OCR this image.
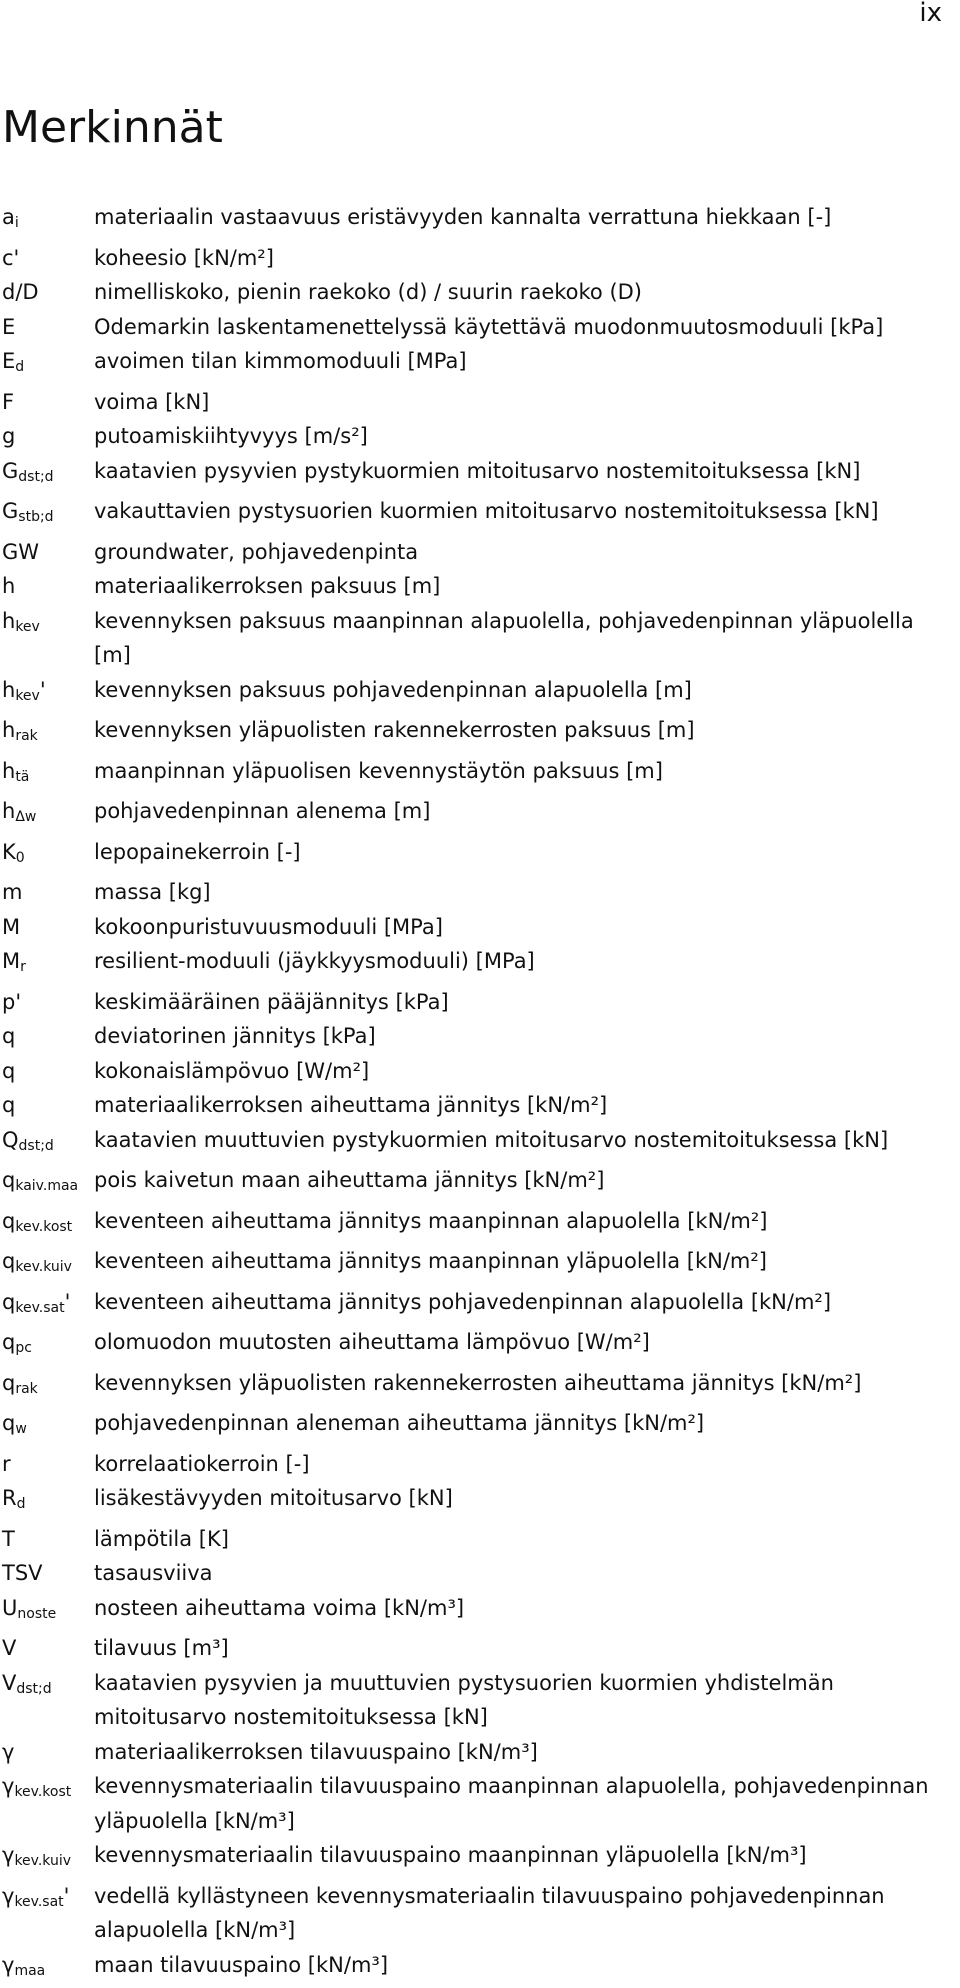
ix
Merkinnät
$a_i$	materiaalin vastaavuus eristävyyden kannalta verrattuna hiekkaan [-]
c'	koheesio [kN/m²]
d/D	nimelliskoko, pienin raekoko (d) / suurin raekoko (D)
E	Odemarkin laskentamenettelyssä käytettävä muodonmuutosmoduuli [kPa]
$E_d$	avoimen tilan kimmomoduuli [MPa]
F	voima [kN]
g	putoamiskiihtyvyys [m/s²]
$G_{dst;d}$	kaatavien pysyvien pystykuormien mitoitusarvo nostemitoituksessa [kN]
$G_{stb;d}$	vakauttavien pystysuorien kuormien mitoitusarvo nostemitoituksessa [kN]
GW	groundwater, pohjavedenpinta
h	materiaalikerroksen paksuus [m]
$h_{kev}$	kevennyksen paksuus maanpinnan alapuolella, pohjavedenpinnan yläpuolella [m]
$h_{kev}'$	kevennyksen paksuus pohjavedenpinnan alapuolella [m]
$h_{rak}$	kevennyksen yläpuolisten rakennekerrosten paksuus [m]
$h_{tä}$	maanpinnan yläpuolisen kevennystäytön paksuus [m]
$h_{\Delta w}$	pohjavedenpinnan alenema [m]
$K_0$	lepopainekerroin [-]
m	massa [kg]
M	kokoonpuristuvuusmoduuli [MPa]
$M_r$	resilient-moduuli (jäykkyysmoduuli) [MPa]
p'	keskimääräinen pääjännitys [kPa]
q	deviatorinen jännitys [kPa]
q	kokonaislämpövuo [W/m²]
q	materiaalikerroksen aiheuttama jännitys [kN/m²]
$Q_{dst;d}$	kaatavien muuttuvien pystykuormien mitoitusarvo nostemitoituksessa [kN]
$q_{kaiv.maa}$ pois kaivetun maan aiheuttama jännitys [kN/m²]
$q_{kev.kost}$	keventeen aiheuttama jännitys maanpinnan alapuolella [kN/m²]
$q_{kev.kuiv}$	keventeen aiheuttama jännitys maanpinnan yläpuolella [kN/m²]
$q_{kev.sat}'$	keventeen aiheuttama jännitys pohjavedenpinnan alapuolella [kN/m²]
$q_{pc}$	olomuodon muutosten aiheuttama lämpövuo [W/m²]
$q_{rak}$	kevennyksen yläpuolisten rakennekerrosten aiheuttama jännitys [kN/m²]
$q_w$	pohjavedenpinnan aleneman aiheuttama jännitys [kN/m²]
r	korrelaatiokerroin [-]
$R_d$	lisäkestävyyden mitoitusarvo [kN]
T	lämpötila [K]
TSV	tasausviiva
$U_{noste}$	nosteen aiheuttama voima [kN/m³]
V	tilavuus [m³]
$V_{dst;d}$	kaatavien pysyvien ja muuttuvien pystysuorien kuormien yhdistelmän mitoitusarvo nostemitoituksessa [kN]
γ	materiaalikerroksen tilavuuspaino [kN/m³]
$\gamma_{kev.kost}$	kevennysmateriaalin tilavuuspaino maanpinnan alapuolella, pohjavedenpinnan yläpuolella [kN/m³]
$\gamma_{kev.kuiv}$	kevennysmateriaalin tilavuuspaino maanpinnan yläpuolella [kN/m³]
$\gamma_{kev.sat}'$	vedellä kyllästyneen kevennysmateriaalin tilavuuspaino pohjavedenpinnan alapuolella [kN/m³]
$\gamma_{maa}$	maan tilavuuspaino [kN/m³]
